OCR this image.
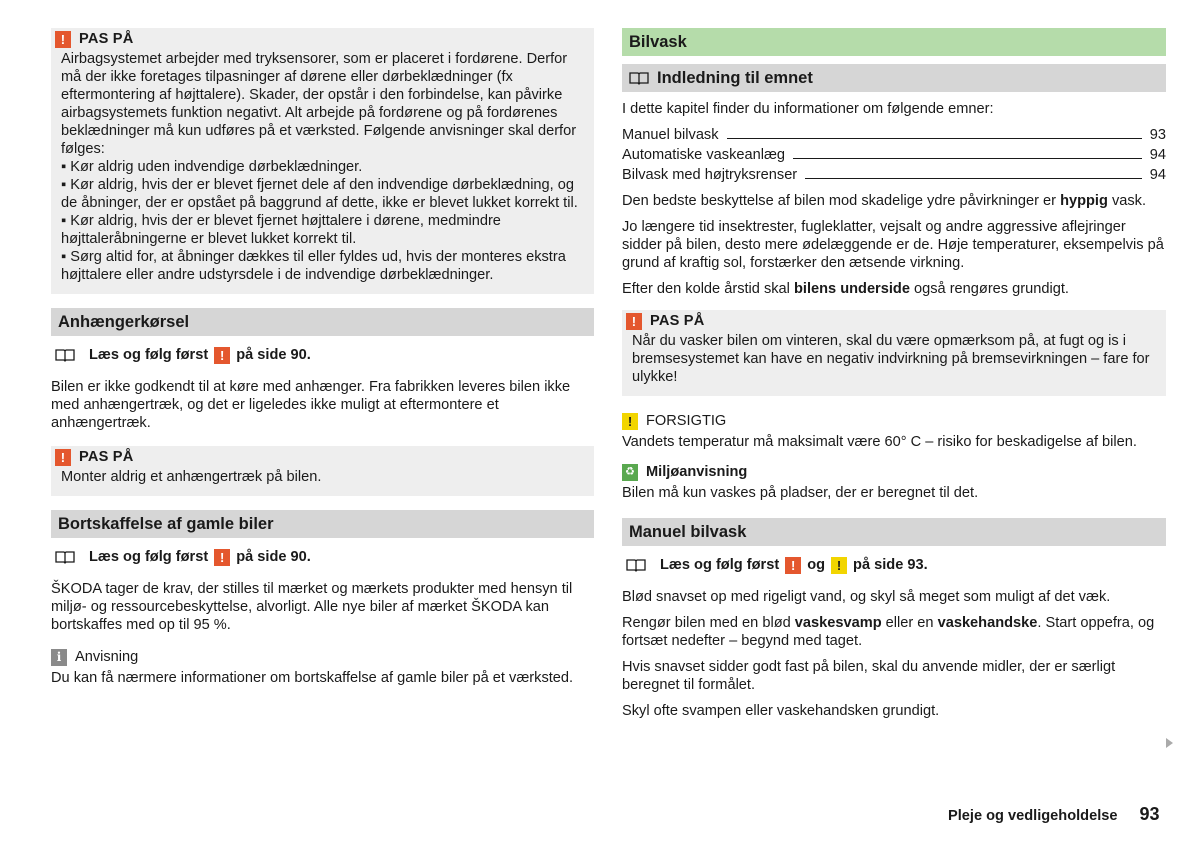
! PAS PÅ
Airbagsystemet arbejder med tryksensorer, som er placeret i fordørene. Derfor må der ikke foretages tilpasninger af dørene eller dørbeklædninger (fx eftermontering af højttalere). Skader, der opstår i den forbindelse, kan påvirke airbagsystemets funktion negativt. Alt arbejde på fordørene og på fordørenes beklædninger må kun udføres på et værksted. Følgende anvisninger skal derfor følges:
▪ Kør aldrig uden indvendige dørbeklædninger.
▪ Kør aldrig, hvis der er blevet fjernet dele af den indvendige dørbeklædning, og de åbninger, der er opstået på baggrund af dette, ikke er blevet lukket korrekt til.
▪ Kør aldrig, hvis der er blevet fjernet højttalere i dørene, medmindre højttaleråbningerne er blevet lukket korrekt til.
▪ Sørg altid for, at åbninger dækkes til eller fyldes ud, hvis der monteres ekstra højttalere eller andre udstyrsdele i de indvendige dørbeklædninger.
Anhængerkørsel
Læs og følg først ! på side 90.

Bilen er ikke godkendt til at køre med anhænger. Fra fabrikken leveres bilen ikke med anhængertræk, og det er ligeledes ikke muligt at eftermontere et anhængertræk.

! PAS PÅ
Monter aldrig et anhængertræk på bilen.
Bortskaffelse af gamle biler
Læs og følg først ! på side 90.

ŠKODA tager de krav, der stilles til mærket og mærkets produkter med hensyn til miljø- og ressourcebeskyttelse, alvorligt. Alle nye biler af mærket ŠKODA kan bortskaffes med op til 95 %.

i Anvisning

Du kan få nærmere informationer om bortskaffelse af gamle biler på et værksted.

Bilvask
Indledning til emnet

I dette kapitel finder du informationer om følgende emner:

Manuel bilvask	93
Automatiske vaskeanlæg	94
Bilvask med højtryksrenser	94

Den bedste beskyttelse af bilen mod skadelige ydre påvirkninger er hyppig vask.

Jo længere tid insektrester, fugleklatter, vejsalt og andre aggressive aflejringer sidder på bilen, desto mere ødelæggende er de. Høje temperaturer, eksempelvis på grund af kraftig sol, forstærker den ætsende virkning.

Efter den kolde årstid skal bilens underside også rengøres grundigt.

! PAS PÅ
Når du vasker bilen om vinteren, skal du være opmærksom på, at fugt og is i bremsesystemet kan have en negativ indvirkning på bremsevirkningen – fare for ulykke!
! FORSIGTIG

Vandets temperatur må maksimalt være 60° C – risiko for beskadigelse af bilen.

♻ Miljøanvisning

Bilen må kun vaskes på pladser, der er beregnet til det.

Manuel bilvask
Læs og følg først ! og ! på side 93.

Blød snavset op med rigeligt vand, og skyl så meget som muligt af det væk.

Rengør bilen med en blød vaskesvamp eller en vaskehandske. Start oppefra, og fortsæt nedefter – begynd med taget.

Hvis snavset sidder godt fast på bilen, skal du anvende midler, der er særligt beregnet til formålet.

Skyl ofte svampen eller vaskehandsken grundigt.

Pleje og vedligeholdelse 93
